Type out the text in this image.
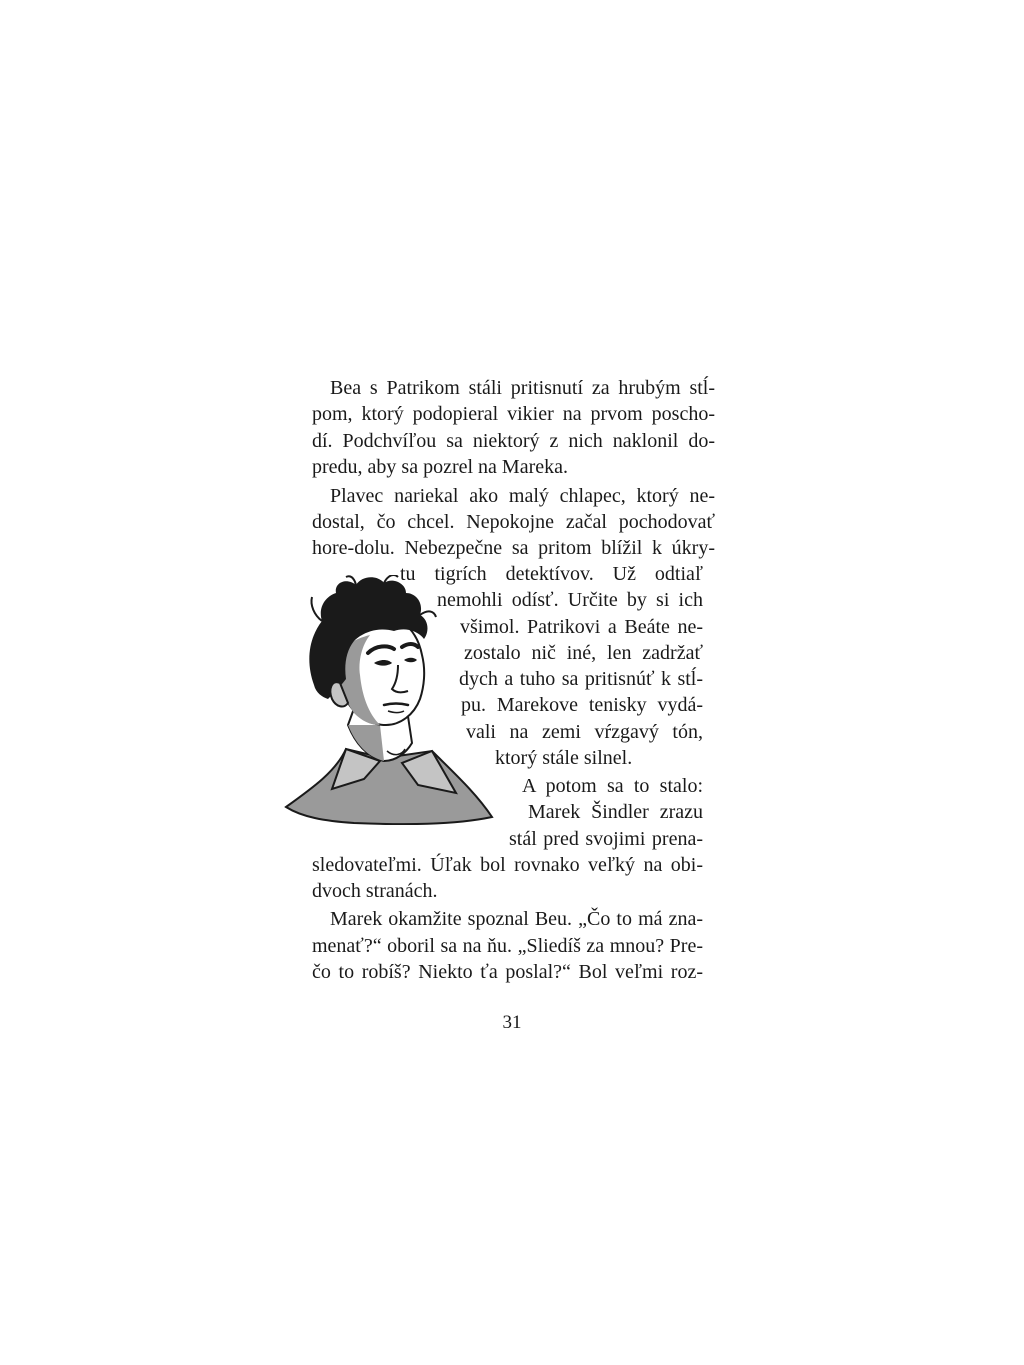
Bea s Patrikom stáli pritisnutí za hrubým stĺ-
pom, ktorý podopieral vikier na prvom poscho-
dí. Podchvíľou sa niektorý z nich naklonil do-
predu, aby sa pozrel na Mareka.
Plavec nariekal ako malý chlapec, ktorý ne-
dostal, čo chcel. Nepokojne začal pochodovať
hore-dolu. Nebezpečne sa pritom blížil k úkry-
tu tigrích detektívov. Už odtiaľ
nemohli odísť. Určite by si ich
všimol. Patrikovi a Beáte ne-
zostalo nič iné, len zadržať
dych a tuho sa pritisnúť k stĺ-
pu. Marekove tenisky vydá-
vali na zemi vŕzgavý tón,
ktorý stále silnel.
A potom sa to stalo:
Marek Šindler zrazu
stál pred svojimi prena-
sledovateľmi. Úľak bol rovnako veľký na obi-
dvoch stranách.
Marek okamžite spoznal Beu. „Čo to má zna-
menať?“ oboril sa na ňu. „Sliedíš za mnou? Pre-
čo to robíš? Niekto ťa poslal?“ Bol veľmi roz-
31
